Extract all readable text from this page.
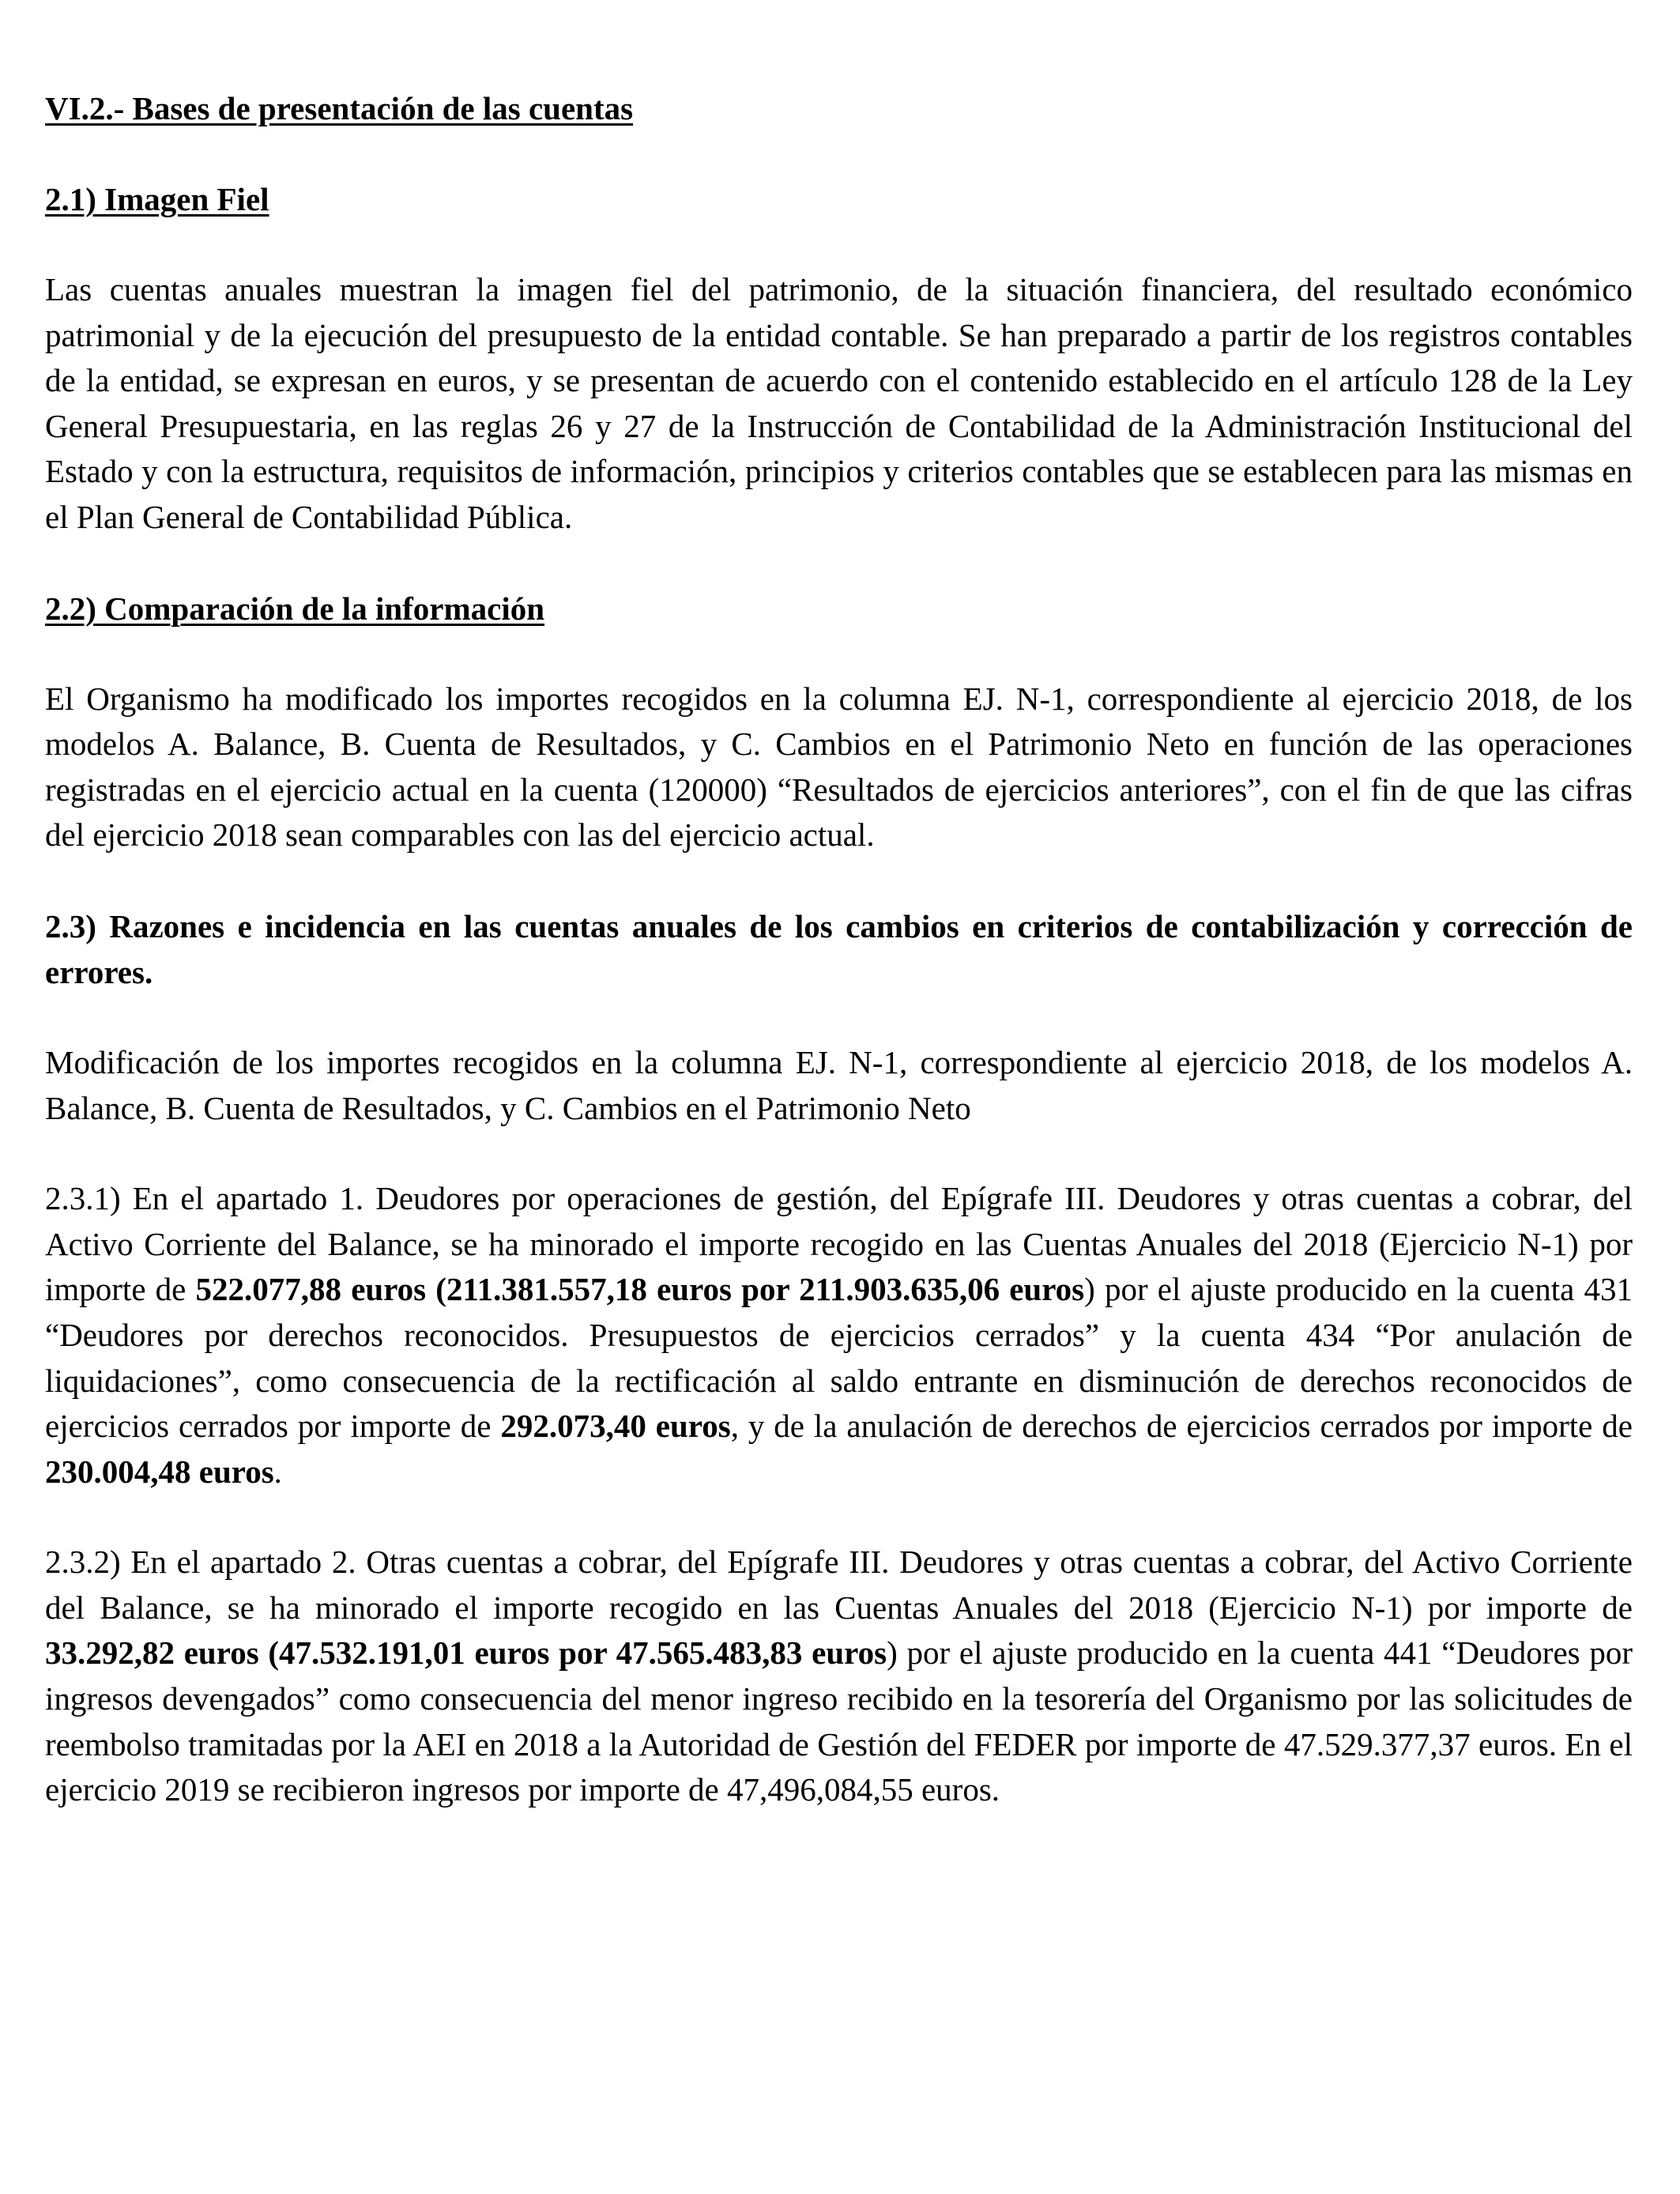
VI.2.- Bases de presentación de las cuentas
2.1) Imagen Fiel

Las cuentas anuales muestran la imagen fiel del patrimonio, de la situación financiera, del resultado económico patrimonial y de la ejecución del presupuesto de la entidad contable. Se han preparado a partir de los registros contables de la entidad, se expresan en euros, y se presentan de acuerdo con el contenido establecido en el artículo 128 de la Ley General Presupuestaria, en las reglas 26 y 27 de la Instrucción de Contabilidad de la Administración Institucional del Estado y con la estructura, requisitos de información, principios y criterios contables que se establecen para las mismas en el Plan General de Contabilidad Pública.

2.2) Comparación de la información

El Organismo ha modificado los importes recogidos en la columna EJ. N-1, correspondiente al ejercicio 2018, de los modelos A. Balance, B. Cuenta de Resultados, y C. Cambios en el Patrimonio Neto en función de las operaciones registradas en el ejercicio actual en la cuenta (120000) “Resultados de ejercicios anteriores”, con el fin de que las cifras del ejercicio 2018 sean comparables con las del ejercicio actual.

2.3) Razones e incidencia en las cuentas anuales de los cambios en criterios de contabilización y corrección de errores.

Modificación de los importes recogidos en la columna EJ. N-1, correspondiente al ejercicio 2018, de los modelos A. Balance, B. Cuenta de Resultados, y C. Cambios en el Patrimonio Neto

2.3.1) En el apartado 1. Deudores por operaciones de gestión, del Epígrafe III. Deudores y otras cuentas a cobrar, del Activo Corriente del Balance, se ha minorado el importe recogido en las Cuentas Anuales del 2018 (Ejercicio N-1) por importe de 522.077,88 euros (211.381.557,18 euros por 211.903.635,06 euros) por el ajuste producido en la cuenta 431 “Deudores por derechos reconocidos. Presupuestos de ejercicios cerrados” y la cuenta 434 “Por anulación de liquidaciones”, como consecuencia de la rectificación al saldo entrante en disminución de derechos reconocidos de ejercicios cerrados por importe de 292.073,40 euros, y de la anulación de derechos de ejercicios cerrados por importe de 230.004,48 euros.

2.3.2) En el apartado 2. Otras cuentas a cobrar, del Epígrafe III. Deudores y otras cuentas a cobrar, del Activo Corriente del Balance, se ha minorado el importe recogido en las Cuentas Anuales del 2018 (Ejercicio N-1) por importe de 33.292,82 euros (47.532.191,01 euros por 47.565.483,83 euros) por el ajuste producido en la cuenta 441 “Deudores por ingresos devengados” como consecuencia del menor ingreso recibido en la tesorería del Organismo por las solicitudes de reembolso tramitadas por la AEI en 2018 a la Autoridad de Gestión del FEDER por importe de 47.529.377,37 euros. En el ejercicio 2019 se recibieron ingresos por importe de 47,496,084,55 euros.
